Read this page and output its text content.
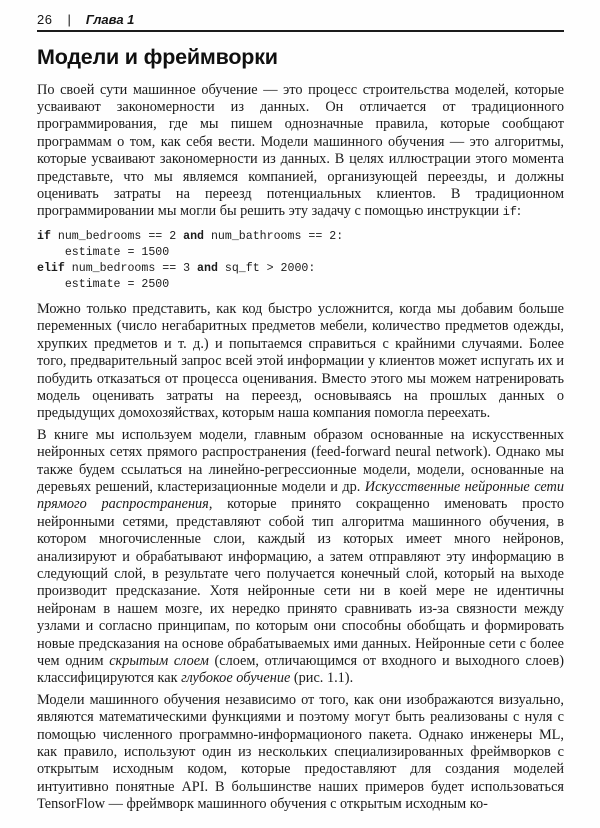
26 | Глава 1
Модели и фреймворки

По своей сути машинное обучение — это процесс строительства моделей, которые усваивают закономерности из данных. Он отличается от традиционного программирования, где мы пишем однозначные правила, которые сообщают программам о том, как себя вести. Модели машинного обучения — это алгоритмы, которые усваивают закономерности из данных. В целях иллюстрации этого момента представьте, что мы являемся компанией, организующей переезды, и должны оценивать затраты на переезд потенциальных клиентов. В традиционном программировании мы могли бы решить эту задачу с помощью инструкции if:

if num_bedrooms == 2 and num_bathrooms == 2:
estimate = 1500
elif num_bedrooms == 3 and sq_ft > 2000:
estimate = 2500

Можно только представить, как код быстро усложнится, когда мы добавим больше переменных (число негабаритных предметов мебели, количество предметов одежды, хрупких предметов и т. д.) и попытаемся справиться с крайними случаями. Более того, предварительный запрос всей этой информации у клиентов может испугать их и побудить отказаться от процесса оценивания. Вместо этого мы можем натренировать модель оценивать затраты на переезд, основываясь на прошлых данных о предыдущих домохозяйствах, которым наша компания помогла переехать.

В книге мы используем модели, главным образом основанные на искусственных нейронных сетях прямого распространения (feed-forward neural network). Однако мы также будем ссылаться на линейно-регрессионные модели, модели, основанные на деревьях решений, кластеризационные модели и др. Искусственные нейронные сети прямого распространения, которые принято сокращенно именовать просто нейронными сетями, представляют собой тип алгоритма машинного обучения, в котором многочисленные слои, каждый из которых имеет много нейронов, анализируют и обрабатывают информацию, а затем отправляют эту информацию в следующий слой, в результате чего получается конечный слой, который на выходе производит предсказание. Хотя нейронные сети ни в коей мере не идентичны нейронам в нашем мозге, их нередко принято сравнивать из-за связности между узлами и согласно принципам, по которым они способны обобщать и формировать новые предсказания на основе обрабатываемых ими данных. Нейронные сети с более чем одним скрытым слоем (слоем, отличающимся от входного и выходного слоев) классифицируются как глубокое обучение (рис. 1.1).

Модели машинного обучения независимо от того, как они изображаются визуально, являются математическими функциями и поэтому могут быть реализованы с нуля с помощью численного программно-информационого пакета. Однако инженеры ML, как правило, используют один из нескольких специализированных фреймворков с открытым исходным кодом, которые предоставляют для создания моделей интуитивно понятные API. В большинстве наших примеров будет использоваться TensorFlow — фреймворк машинного обучения с открытым исходным ко-
